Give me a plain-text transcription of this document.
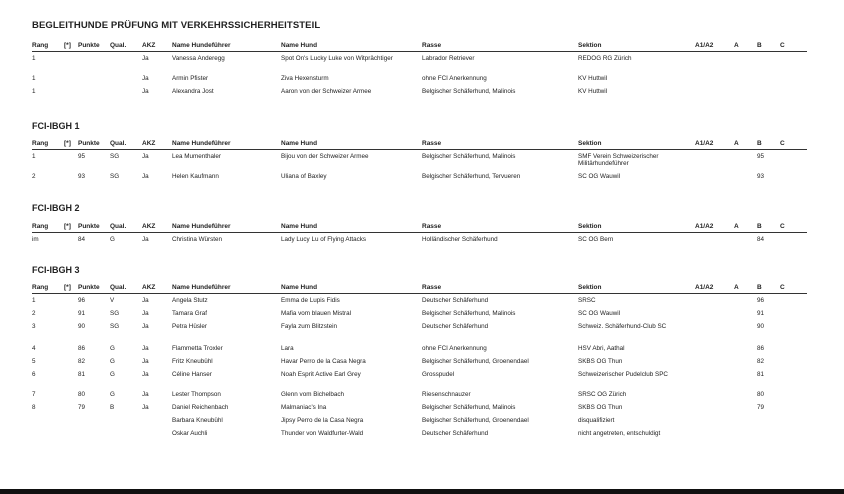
BEGLEITHUNDE PRÜFUNG MIT VERKEHRSSICHERHEITSTEIL
Rang	[*]	Punkte	Qual.	AKZ	Name Hundeführer	Name Hund	Rasse	Sektion	A1/A2	A	B	C
1				Ja	Vanessa Anderegg	Spot On's Lucky Luke von Witprächtiger	Labrador Retriever	REDOG RG Zürich				
1				Ja	Armin Pfister	Ziva Hexensturm	ohne FCI Anerkennung	KV Huttwil				
1				Ja	Alexandra Jost	Aaron von der Schweizer Armee	Belgischer Schäferhund, Malinois	KV Huttwil				
FCI-IBGH 1
Rang	[*]	Punkte	Qual.	AKZ	Name Hundeführer	Name Hund	Rasse	Sektion	A1/A2	A	B	C
1		95	SG	Ja	Lea Mumenthaler	Bijou von der Schweizer Armee	Belgischer Schäferhund, Malinois	SMF Verein Schweizerischer Militärhundeführer			95	
2		93	SG	Ja	Helen Kaufmann	Uliana of Baxley	Belgischer Schäferhund, Tervueren	SC OG Wauwil			93	
FCI-IBGH 2
Rang	[*]	Punkte	Qual.	AKZ	Name Hundeführer	Name Hund	Rasse	Sektion	A1/A2	A	B	C
im		84	G	Ja	Christina Würsten	Lady Lucy Lu of Flying Attacks	Holländischer Schäferhund	SC OG Bern			84	
FCI-IBGH 3
Rang	[*]	Punkte	Qual.	AKZ	Name Hundeführer	Name Hund	Rasse	Sektion	A1/A2	A	B	C
1		96	V	Ja	Angela Stutz	Emma de Lupis Fidis	Deutscher Schäferhund	SRSC			96	
2		91	SG	Ja	Tamara Graf	Mafia vom blauen Mistral	Belgischer Schäferhund, Malinois	SC OG Wauwil			91	
3		90	SG	Ja	Petra Hüsler	Fayla zum Blitzstein	Deutscher Schäferhund	Schweiz. Schäferhund-Club SC			90	
4		86	G	Ja	Flammetta Troxler	Lara	ohne FCI Anerkennung	HSV Abri, Aathal			86	
5		82	G	Ja	Fritz Kneubühl	Havar Perro de la Casa Negra	Belgischer Schäferhund, Groenendael	SKBS OG Thun			82	
6		81	G	Ja	Céline Hanser	Noah Esprit Active Earl Grey	Grosspudel	Schweizerischer Pudelclub SPC			81	
7		80	G	Ja	Lester Thompson	Glenn vom Bichelbach	Riesenschnauzer	SRSC OG Zürich			80	
8		79	B	Ja	Daniel Reichenbach	Malmaniac's Ina	Belgischer Schäferhund, Malinois	SKBS OG Thun			79	
					Barbara Kneubühl	Jipsy Perro de la Casa Negra	Belgischer Schäferhund, Groenendael	disqualifiziert				
					Oskar Auchli	Thunder von Waldfurter-Wald	Deutscher Schäferhund	nicht angetreten, entschuldigt				
